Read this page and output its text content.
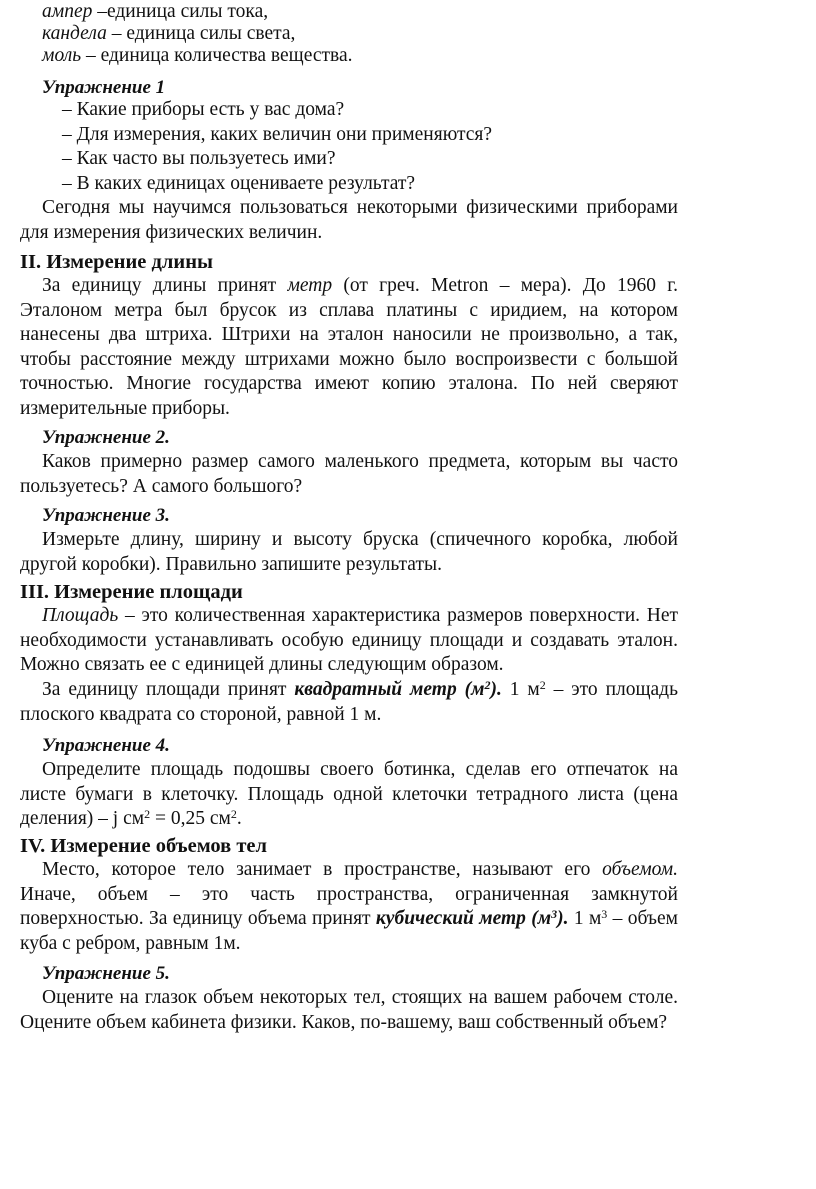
ампер –единица силы тока,

кандела – единица силы света,

моль – единица количества вещества.

Упражнение 1

– Какие приборы есть у вас дома?
– Для измерения, каких величин они применяются?
– Как часто вы пользуетесь ими?
– В каких единицах оцениваете результат?

Сегодня мы научимся пользоваться некоторыми физическими приборами для измерения физических величин.

II. Измерение длины

За единицу длины принят метр (от греч. Metron – мера). До 1960 г. Эталоном метра был брусок из сплава платины с иридием, на котором нанесены два штриха. Штрихи на эталон наносили не произвольно, а так, чтобы расстояние между штрихами можно было воспроизвести с большой точностью. Многие государства имеют копию эталона. По ней сверяют измерительные приборы.

Упражнение 2.

Каков примерно размер самого маленького предмета, которым вы часто пользуетесь? А самого большого?

Упражнение 3.

Измерьте длину, ширину и высоту бруска (спичечного коробка, любой другой коробки). Правильно запишите результаты.

III. Измерение площади

Площадь – это количественная характеристика размеров поверхности. Нет необходимости устанавливать особую единицу площади и создавать эталон. Можно связать ее с единицей длины следующим образом.

За единицу площади принят квадратный метр $(м^2)$. 1 $м^2$ – это площадь плоского квадрата со стороной, равной 1 м.

Упражнение 4.

Определите площадь подошвы своего ботинка, сделав его отпечаток на листе бумаги в клеточку. Площадь одной клеточки тетрадного листа (цена деления) – j $см^2 = 0,25$ $см^2$.

IV. Измерение объемов тел

Место, которое тело занимает в пространстве, называют его объемом. Иначе, объем – это часть пространства, ограниченная замкнутой поверхностью. За единицу объема принят кубический метр $(м^3)$. 1 $м^3$ – объем куба с ребром, равным 1м.

Упражнение 5.

Оцените на глазок объем некоторых тел, стоящих на вашем рабочем столе. Оцените объем кабинета физики. Каков, по-вашему, ваш собственный объем?
